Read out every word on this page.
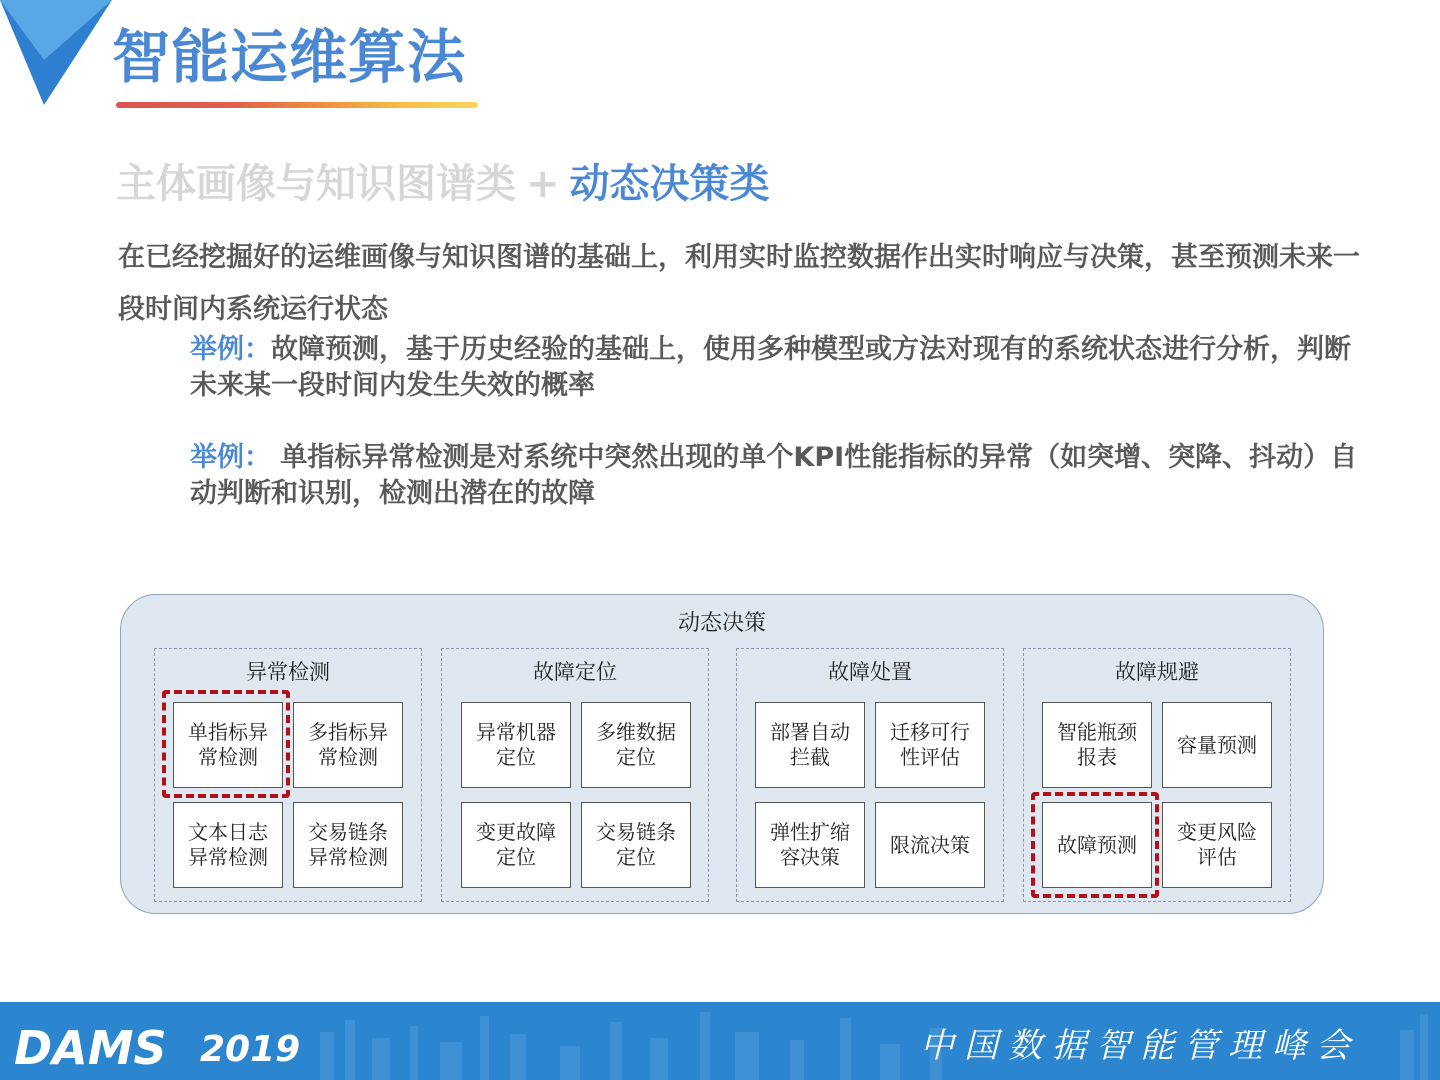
智能运维算法
主体画像与知识图谱类 + 动态决策类
在已经挖掘好的运维画像与知识图谱的基础上，利用实时监控数据作出实时响应与决策，甚至预测未来一段时间内系统运行状态
举例：故障预测，基于历史经验的基础上，使用多种模型或方法对现有的系统状态进行分析，判断未来某一段时间内发生失效的概率
举例： 单指标异常检测是对系统中突然出现的单个KPI性能指标的异常（如突增、突降、抖动）自动判断和识别，检测出潜在的故障
动态决策
异常检测
单指标异常检测
多指标异常检测
文本日志异常检测
交易链条异常检测
故障定位
异常机器定位
多维数据定位
变更故障定位
交易链条定位
故障处置
部署自动拦截
迁移可行性评估
弹性扩缩容决策
限流决策
故障规避
智能瓶颈报表
容量预测
故障预测
变更风险评估
DAMS 2019	中国数据智能管理峰会
